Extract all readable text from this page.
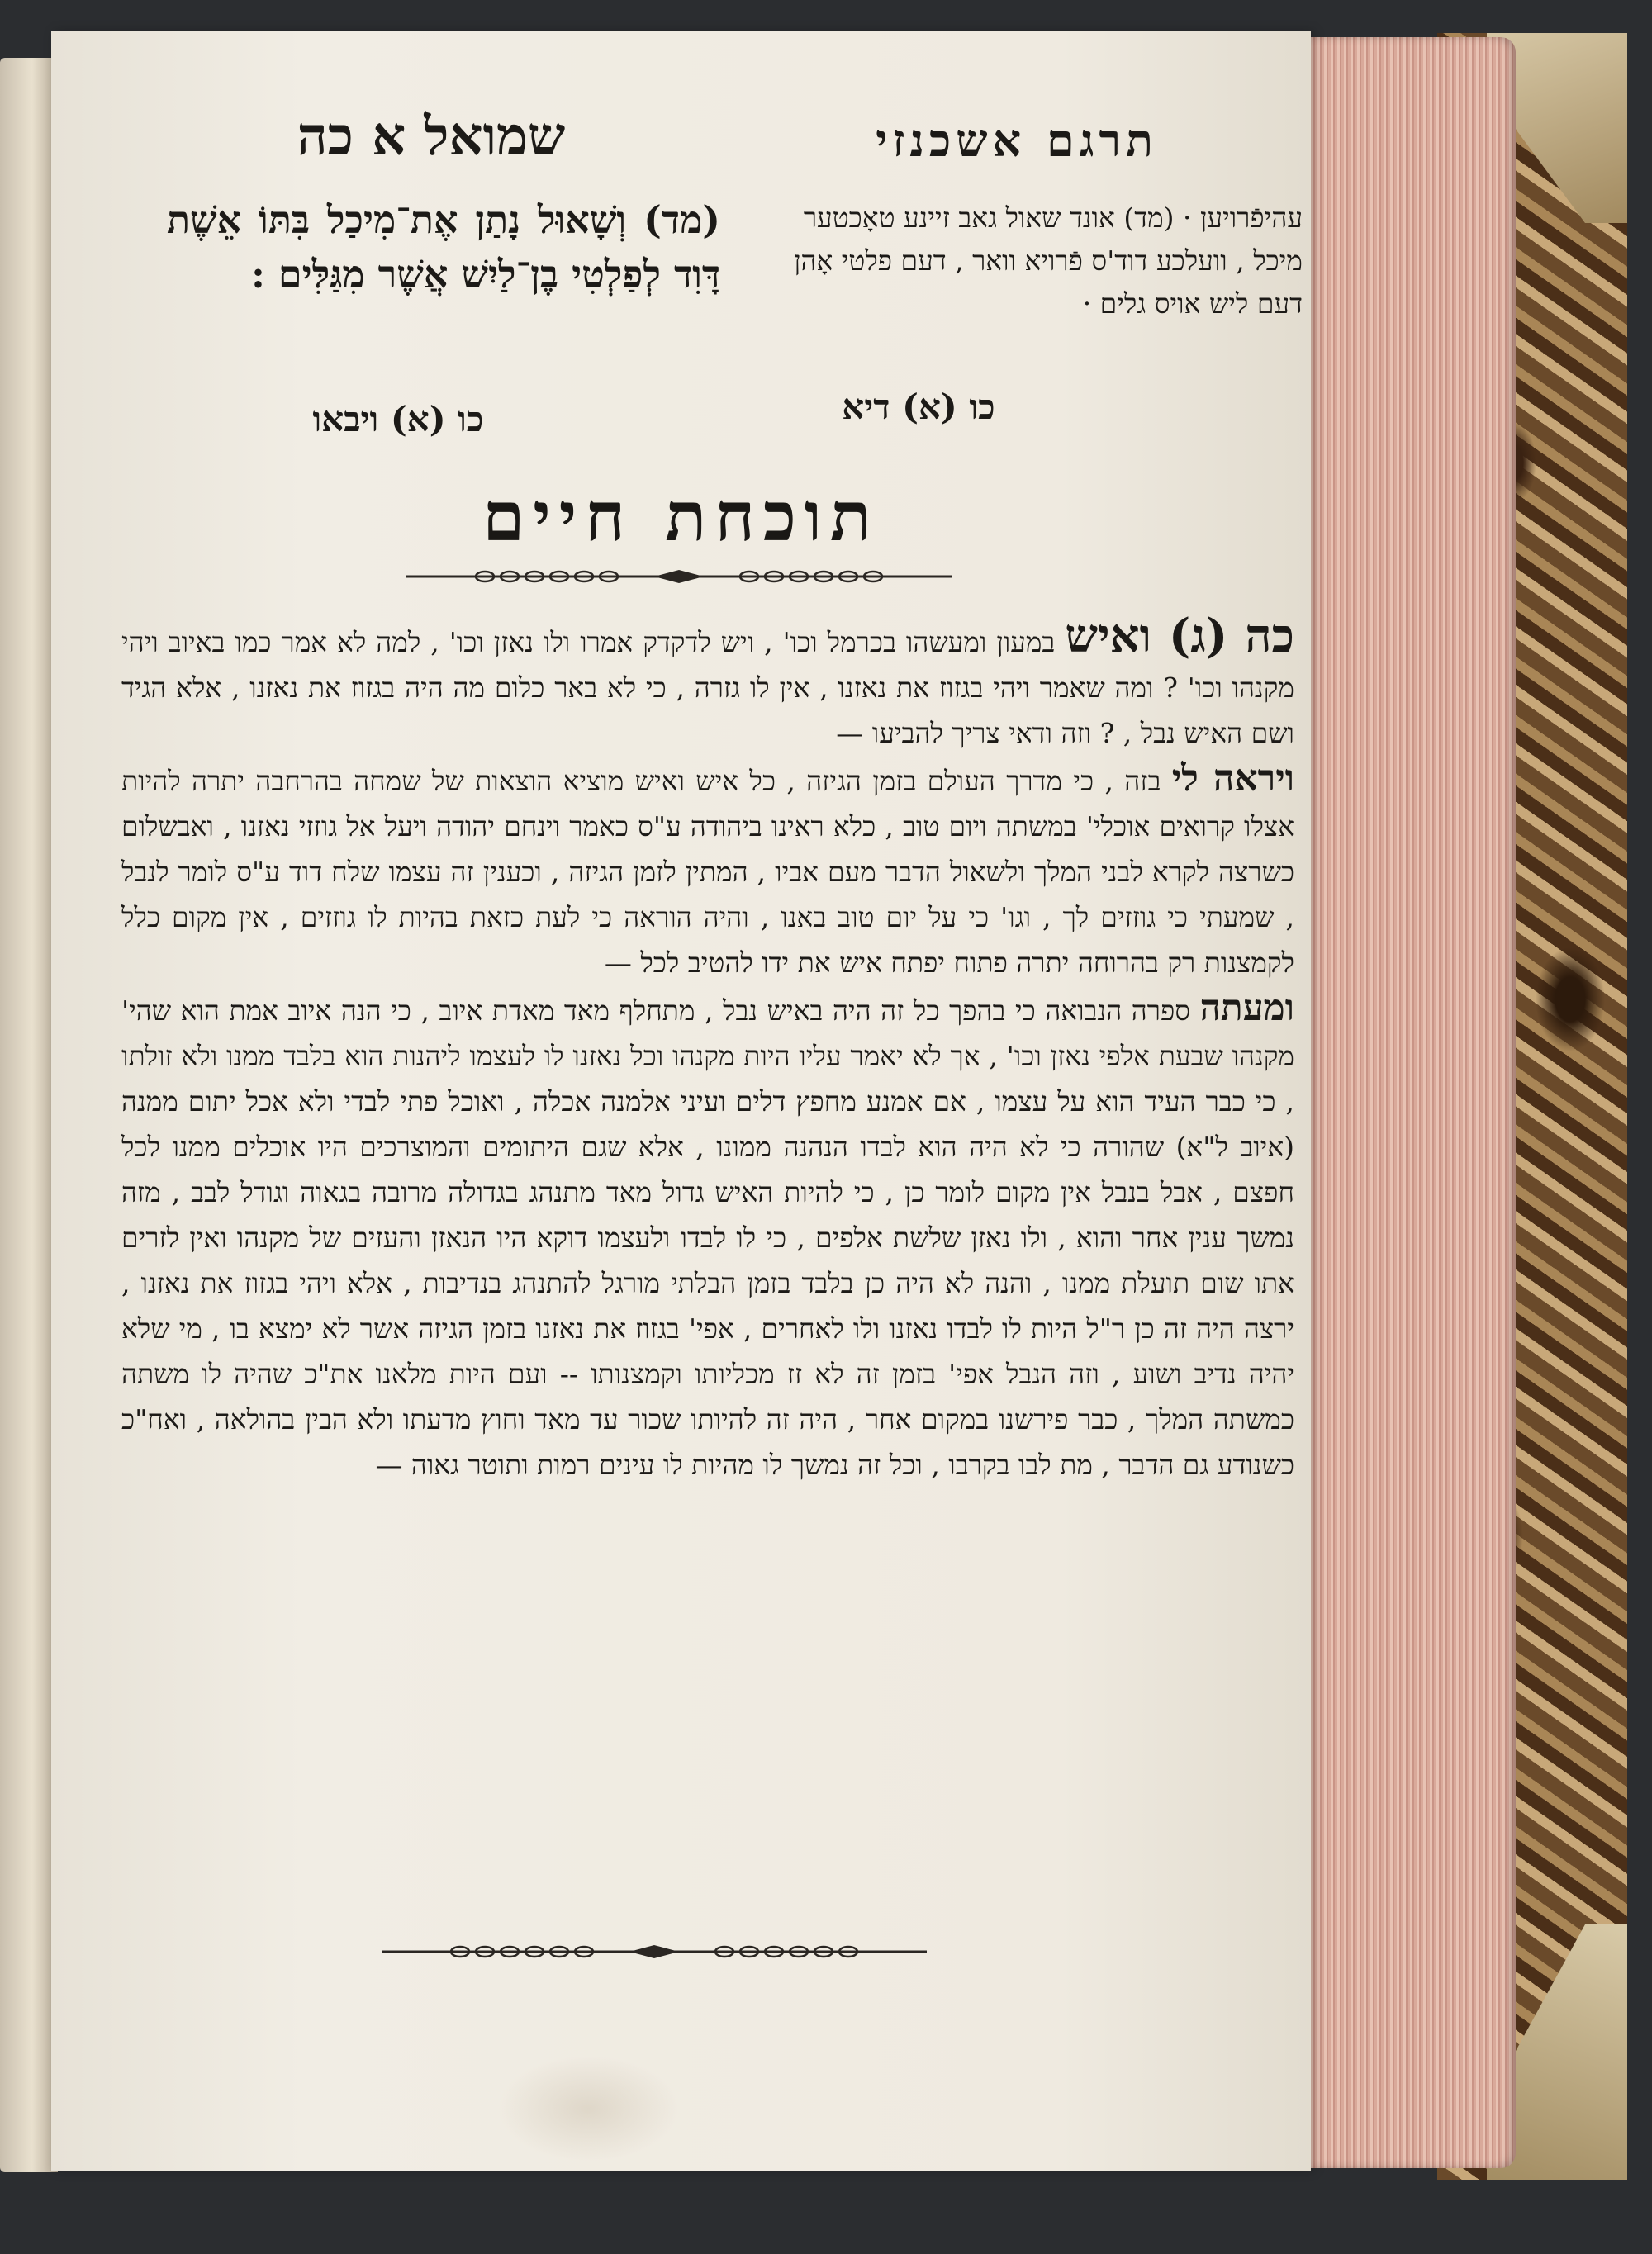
תרגם אשכנזי
שמואל א כה
עהיפֿרויען · (מד) אונד שאול גאב זיינע טאָכטער מיכל , וועלכע דוד'ס פֿרויא וואר , דעם פלטי אָהן דעם ליש אויס גלים ·
(מד) וְשָׁאוּל נָתַן אֶת־מִיכַל בִּתּוֹ אֵשֶׁת דָּוִד לְפַלְטִי בֶן־לַיִשׁ אֲשֶׁר מִגַּלִּים :
כו (א) דיא
כו (א) ויבאו
תוכחת חיים

כה (ג) ואיש במעון ומעשהו בכרמל וכו' , ויש לדקדק אמרו ולו נאזן וכו' , למה לא אמר כמו באיוב ויהי מקנהו וכו' ? ומה שאמר ויהי בגזוז את נאזנו , אין לו גזרה , כי לא באר כלום מה היה בגזוז את נאזנו , אלא הגיד ושם האיש נבל , ? וזה ודאי צריך להביעו —

ויראה לי בזה , כי מדרך העולם בזמן הגיזה , כל איש ואיש מוציא הוצאות של שמחה בהרחבה יתרה להיות אצלו קרואים אוכלי' במשתה ויום טוב , כלא ראינו ביהודה ע"ס כאמר וינחם יהודה ויעל אל גוזזי נאזנו , ואבשלום כשרצה לקרא לבני המלך ולשאול הדבר מעם אביו , המתין לזמן הגיזה , וכענין זה עצמו שלח דוד ע"ס לומר לנבל , שמעתי כי גוזזים לך , וגו' כי על יום טוב באנו , והיה הוראה כי לעת כזאת בהיות לו גוזזים , אין מקום כלל לקמצנות רק בהרוחה יתרה פתוח יפתח איש את ידו להטיב לכל —

ומעתה ספרה הנבואה כי בהפך כל זה היה באיש נבל , מתחלף מאד מאדת איוב , כי הנה איוב אמת הוא שהי' מקנהו שבעת אלפי נאזן וכו' , אך לא יאמר עליו היות מקנהו וכל נאזנו לו לעצמו ליהנות הוא בלבד ממנו ולא זולתו , כי כבר העיד הוא על עצמו , אם אמנע מחפץ דלים ועיני אלמנה אכלה , ואוכל פתי לבדי ולא אכל יתום ממנה (איוב ל"א) שהורה כי לא היה הוא לבדו הנהנה ממונו , אלא שגם היתומים והמוצרכים היו אוכלים ממנו לכל חפצם , אבל בנבל אין מקום לומר כן , כי להיות האיש גדול מאד מתנהג בגדולה מרובה בגאוה וגודל לבב , מזה נמשך ענין אחר והוא , ולו נאזן שלשת אלפים , כי לו לבדו ולעצמו דוקא היו הנאזן והעזים של מקנהו ואין לזרים אתו שום תועלת ממנו , והנה לא היה כן בלבד בזמן הבלתי מורגל להתנהג בנדיבות , אלא ויהי בגזוז את נאזנו , ירצה היה זה כן ר"ל היות לו לבדו נאזנו ולו לאחרים , אפי' בגזוז את נאזנו בזמן הגיזה אשר לא ימצא בו , מי שלא יהיה נדיב ושוע , וזה הנבל אפי' בזמן זה לא זז מכליותו וקמצנותו -- ועם היות מלאנו את"כ שהיה לו משתה כמשתה המלך , כבר פירשנו במקום אחר , היה זה להיותו שכור עד מאד וחוץ מדעתו ולא הבין בהולאה , ואח"כ כשנודע גם הדבר , מת לבו בקרבו , וכל זה נמשך לו מהיות לו עינים רמות ותוטר גאוה —
